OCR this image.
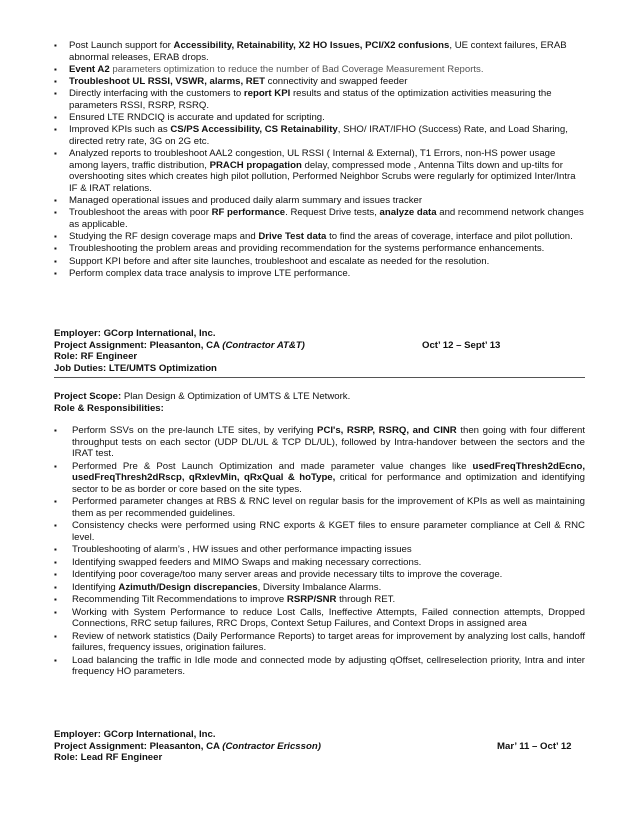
▪ Post Launch support for Accessibility, Retainability, X2 HO Issues, PCI/X2 confusions, UE context failures, ERAB abnormal releases, ERAB drops.
▪ Event A2 parameters optimization to reduce the number of Bad Coverage Measurement Reports.
▪ Troubleshoot UL RSSI, VSWR, alarms, RET connectivity and swapped feeder
▪ Directly interfacing with the customers to report KPI results and status of the optimization activities measuring the parameters RSSI, RSRP, RSRQ.
▪ Ensured LTE RNDCIQ is accurate and updated for scripting.
▪ Improved KPIs such as CS/PS Accessibility, CS Retainability, SHO/ IRAT/IFHO (Success) Rate, and Load Sharing, directed retry rate, 3G on 2G etc.
▪ Analyzed reports to troubleshoot AAL2 congestion, UL RSSI ( Internal & External), T1 Errors, non-HS power usage among layers, traffic distribution, PRACH propagation delay, compressed mode , Antenna Tilts down and up-tilts for overshooting sites which creates high pilot pollution, Performed Neighbor Scrubs were regularly for optimized Inter/Intra IF & IRAT relations.
▪ Managed operational issues and produced daily alarm summary and issues tracker
▪ Troubleshoot the areas with poor RF performance. Request Drive tests, analyze data and recommend network changes as applicable.
▪ Studying the RF design coverage maps and Drive Test data to find the areas of coverage, interface and pilot pollution.
▪ Troubleshooting the problem areas and providing recommendation for the systems performance enhancements.
▪ Support KPI before and after site launches, troubleshoot and escalate as needed for the resolution.
▪ Perform complex data trace analysis to improve LTE performance.
Employer: GCorp International, Inc.
Project Assignment: Pleasanton, CA (Contractor AT&T)	Oct’ 12 – Sept’ 13
Role: RF Engineer
Job Duties: LTE/UMTS Optimization
Project Scope: Plan Design & Optimization of UMTS & LTE Network.
Role & Responsibilities:
▪ Perform SSVs on the pre-launch LTE sites, by verifying PCI's, RSRP, RSRQ, and CINR then going with four different throughput tests on each sector (UDP DL/UL & TCP DL/UL), followed by Intra-handover between the sectors and the IRAT test.
▪ Performed Pre & Post Launch Optimization and made parameter value changes like usedFreqThresh2dEcno, usedFreqThresh2dRscp, qRxlevMin, qRxQual & hoType, critical for performance and optimization and identifying sector to be as border or core based on the site types.
▪ Performed parameter changes at RBS & RNC level on regular basis for the improvement of KPIs as well as maintaining them as per recommended guidelines.
▪ Consistency checks were performed using RNC exports & KGET files to ensure parameter compliance at Cell & RNC level.
▪ Troubleshooting of alarm’s , HW issues and other performance impacting issues
▪ Identifying swapped feeders and MIMO Swaps and making necessary corrections.
▪ Identifying poor coverage/too many server areas and provide necessary tilts to improve the coverage.
▪ Identifying Azimuth/Design discrepancies, Diversity Imbalance Alarms.
▪ Recommending Tilt Recommendations to improve RSRP/SNR through RET.
▪ Working with System Performance to reduce Lost Calls, Ineffective Attempts, Failed connection attempts, Dropped Connections, RRC setup failures, RRC Drops, Context Setup Failures, and Context Drops in assigned area
▪ Review of network statistics (Daily Performance Reports) to target areas for improvement by analyzing lost calls, handoff failures, frequency issues, origination failures.
▪ Load balancing the traffic in Idle mode and connected mode by adjusting qOffset, cellreselection priority, Intra and inter frequency HO parameters.
Employer: GCorp International, Inc.
Project Assignment: Pleasanton, CA (Contractor Ericsson)	Mar’ 11 – Oct’ 12
Role: Lead RF Engineer
